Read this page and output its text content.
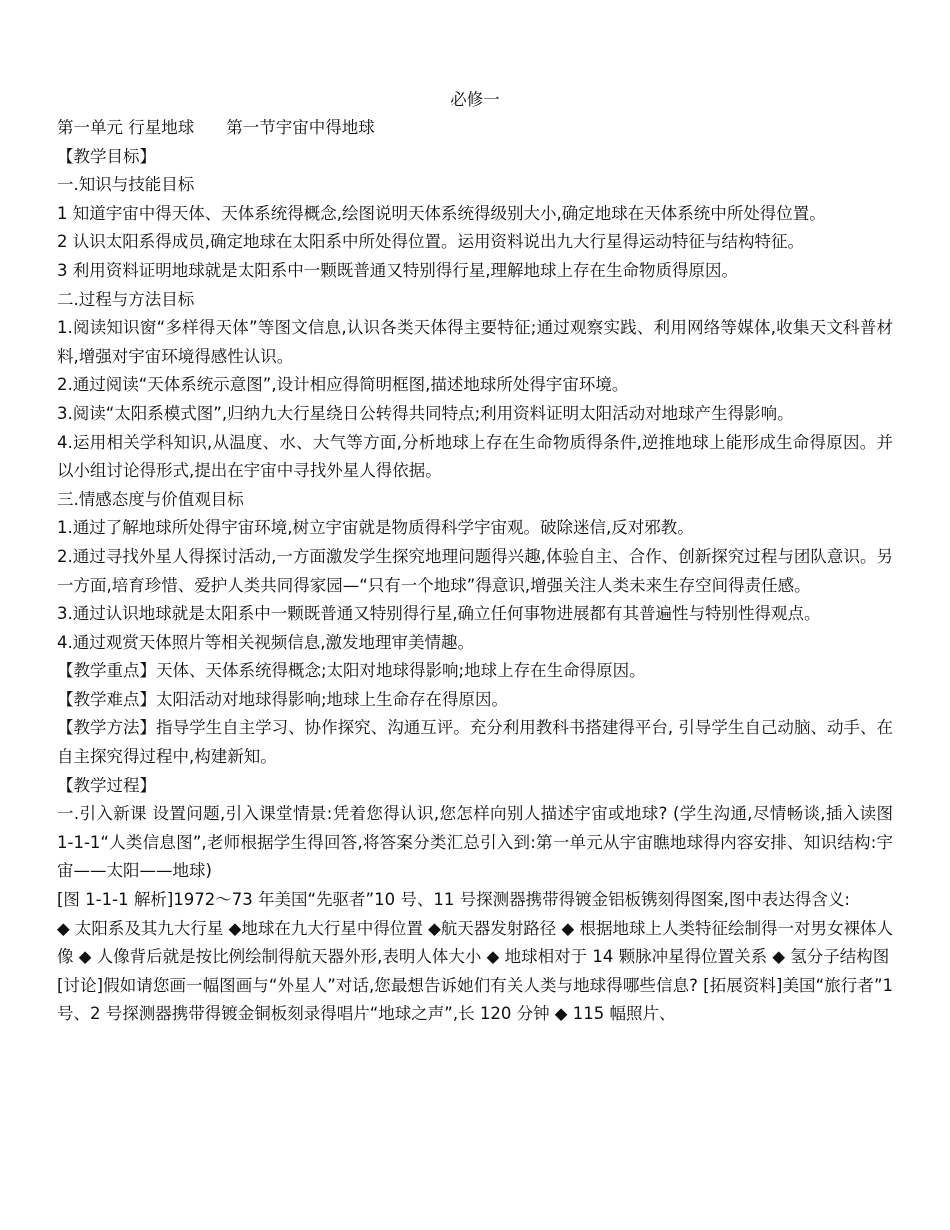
必修一

第一单元 行星地球 第一节宇宙中得地球

【教学目标】

一.知识与技能目标

1 知道宇宙中得天体、天体系统得概念,绘图说明天体系统得级别大小,确定地球在天体系统中所处得位置。

2 认识太阳系得成员,确定地球在太阳系中所处得位置。运用资料说出九大行星得运动特征与结构特征。

3 利用资料证明地球就是太阳系中一颗既普通又特别得行星,理解地球上存在生命物质得原因。

二.过程与方法目标

1.阅读知识窗“多样得天体”等图文信息,认识各类天体得主要特征;通过观察实践、利用网络等媒体,收集天文科普材料,增强对宇宙环境得感性认识。

2.通过阅读“天体系统示意图”,设计相应得简明框图,描述地球所处得宇宙环境。

3.阅读“太阳系模式图”,归纳九大行星绕日公转得共同特点;利用资料证明太阳活动对地球产生得影响。

4.运用相关学科知识,从温度、水、大气等方面,分析地球上存在生命物质得条件,逆推地球上能形成生命得原因。并以小组讨论得形式,提出在宇宙中寻找外星人得依据。

三.情感态度与价值观目标

1.通过了解地球所处得宇宙环境,树立宇宙就是物质得科学宇宙观。破除迷信,反对邪教。

2.通过寻找外星人得探讨活动,一方面激发学生探究地理问题得兴趣,体验自主、合作、创新探究过程与团队意识。另一方面,培育珍惜、爱护人类共同得家园—“只有一个地球”得意识,增强关注人类未来生存空间得责任感。

3.通过认识地球就是太阳系中一颗既普通又特别得行星,确立任何事物进展都有其普遍性与特别性得观点。

4.通过观赏天体照片等相关视频信息,激发地理审美情趣。

【教学重点】天体、天体系统得概念;太阳对地球得影响;地球上存在生命得原因。

【教学难点】太阳活动对地球得影响;地球上生命存在得原因。

【教学方法】指导学生自主学习、协作探究、沟通互评。充分利用教科书搭建得平台, 引导学生自己动脑、动手、在自主探究得过程中,构建新知。

【教学过程】

一.引入新课 设置问题,引入课堂情景:凭着您得认识,您怎样向别人描述宇宙或地球? (学生沟通,尽情畅谈,插入读图 1-1-1“人类信息图”,老师根据学生得回答,将答案分类汇总引入到:第一单元从宇宙瞧地球得内容安排、知识结构:宇宙——太阳——地球)

[图 1-1-1 解析]1972～73 年美国“先驱者”10 号、11 号探测器携带得镀金铝板镌刻得图案,图中表达得含义:

◆ 太阳系及其九大行星 ◆地球在九大行星中得位置 ◆航天器发射路径 ◆ 根据地球上人类特征绘制得一对男女裸体人像 ◆ 人像背后就是按比例绘制得航天器外形,表明人体大小 ◆ 地球相对于 14 颗脉冲星得位置关系 ◆ 氢分子结构图

[讨论]假如请您画一幅图画与“外星人”对话,您最想告诉她们有关人类与地球得哪些信息? [拓展资料]美国“旅行者”1 号、2 号探测器携带得镀金铜板刻录得唱片“地球之声”,长 120 分钟 ◆ 115 幅照片、
